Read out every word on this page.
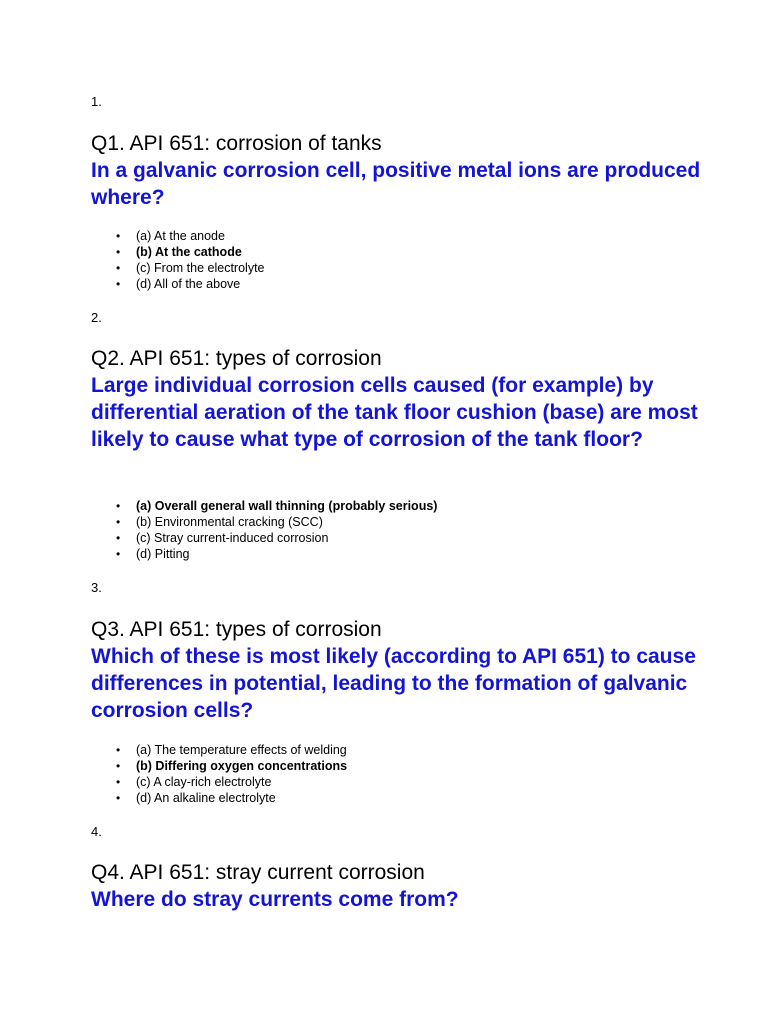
1.

Q1. API 651: corrosion of tanks

In a galvanic corrosion cell, positive metal ions are produced where?

• (a) At the anode
• (b) At the cathode
• (c) From the electrolyte
• (d) All of the above

2.

Q2. API 651: types of corrosion

Large individual corrosion cells caused (for example) by differential aeration of the tank floor cushion (base) are most likely to cause what type of corrosion of the tank floor?

• (a) Overall general wall thinning (probably serious)
• (b) Environmental cracking (SCC)
• (c) Stray current-induced corrosion
• (d) Pitting

3.

Q3. API 651: types of corrosion

Which of these is most likely (according to API 651) to cause differences in potential, leading to the formation of galvanic corrosion cells?

• (a) The temperature effects of welding
• (b) Differing oxygen concentrations
• (c) A clay-rich electrolyte
• (d) An alkaline electrolyte

4.

Q4. API 651: stray current corrosion

Where do stray currents come from?
